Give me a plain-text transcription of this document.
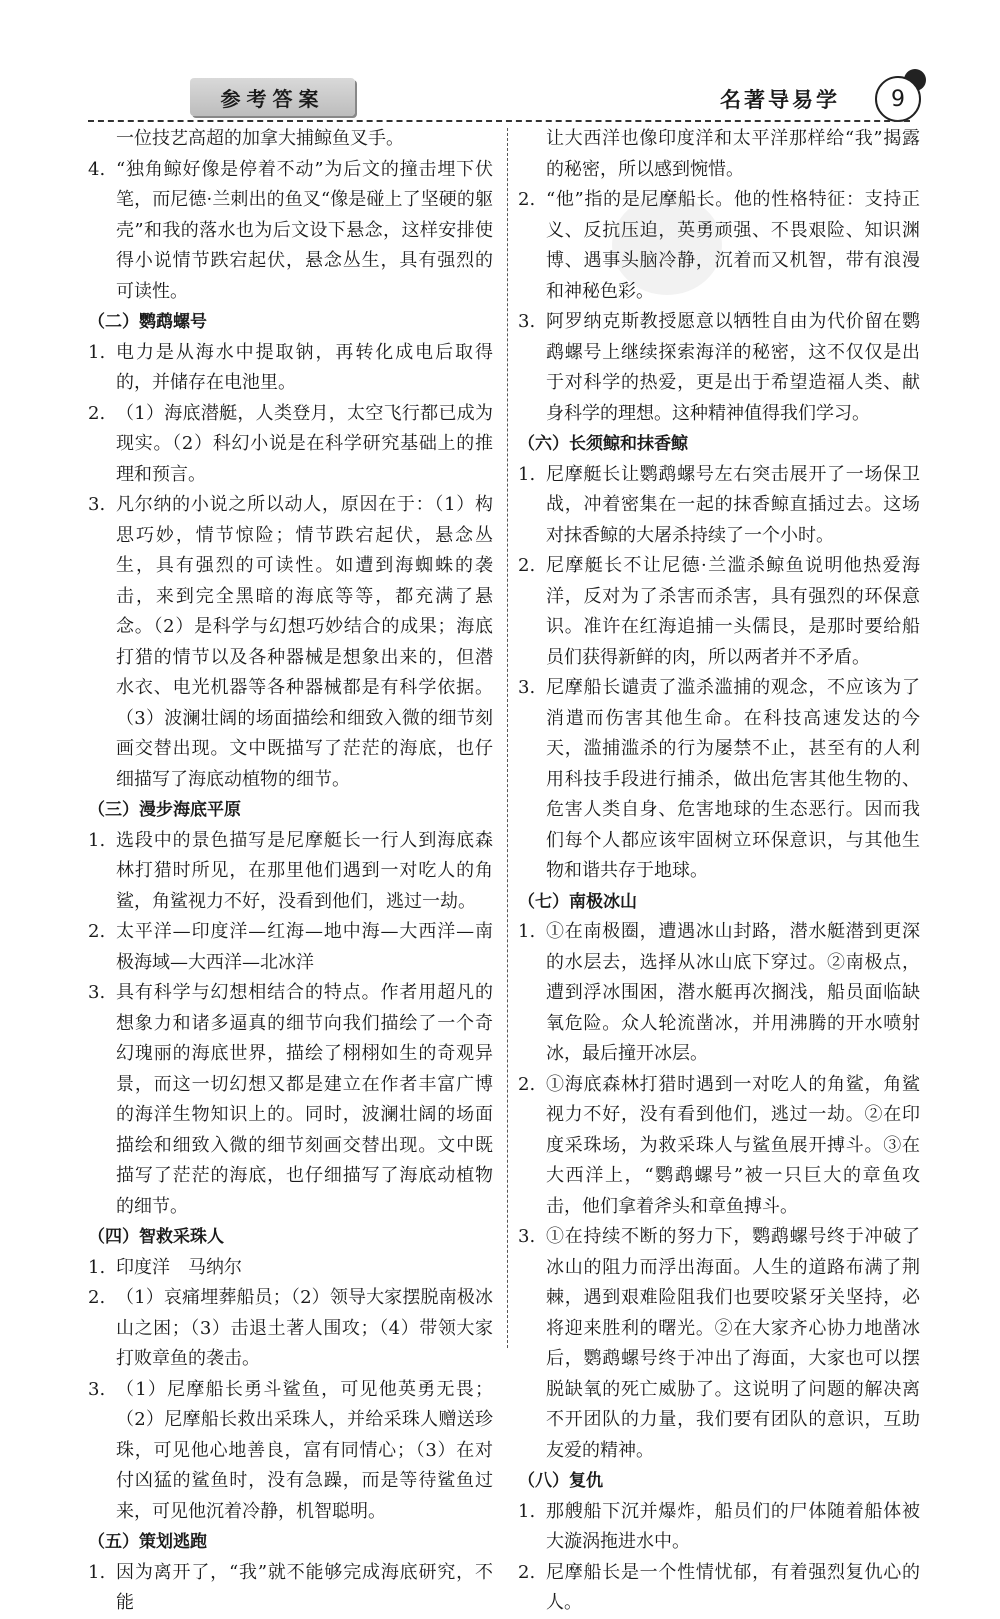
参考答案	名著导易学	9

一位技艺高超的加拿大捕鲸鱼叉手。

4. “独角鲸好像是停着不动”为后文的撞击埋下伏笔，而尼德·兰刺出的鱼叉“像是碰上了坚硬的躯壳”和我的落水也为后文设下悬念，这样安排使得小说情节跌宕起伏，悬念丛生，具有强烈的可读性。
（二）鹦鹉螺号
1. 电力是从海水中提取钠，再转化成电后取得的，并储存在电池里。
2. （1）海底潜艇，人类登月，太空飞行都已成为现实。（2）科幻小说是在科学研究基础上的推理和预言。
3. 凡尔纳的小说之所以动人，原因在于：（1）构思巧妙，情节惊险；情节跌宕起伏，悬念丛生，具有强烈的可读性。如遭到海蜘蛛的袭击，来到完全黑暗的海底等等，都充满了悬念。（2）是科学与幻想巧妙结合的成果；海底打猎的情节以及各种器械是想象出来的，但潜水衣、电光机器等各种器械都是有科学依据。（3）波澜壮阔的场面描绘和细致入微的细节刻画交替出现。文中既描写了茫茫的海底，也仔细描写了海底动植物的细节。
（三）漫步海底平原
1. 选段中的景色描写是尼摩艇长一行人到海底森林打猎时所见，在那里他们遇到一对吃人的角鲨，角鲨视力不好，没看到他们，逃过一劫。
2. 太平洋—印度洋—红海—地中海—大西洋—南极海域—大西洋—北冰洋
3. 具有科学与幻想相结合的特点。作者用超凡的想象力和诸多逼真的细节向我们描绘了一个奇幻瑰丽的海底世界，描绘了栩栩如生的奇观异景，而这一切幻想又都是建立在作者丰富广博的海洋生物知识上的。同时，波澜壮阔的场面描绘和细致入微的细节刻画交替出现。文中既描写了茫茫的海底，也仔细描写了海底动植物的细节。
（四）智救采珠人
1. 印度洋　马纳尔
2. （1）哀痛埋葬船员；（2）领导大家摆脱南极冰山之困；（3）击退土著人围攻；（4）带领大家打败章鱼的袭击。
3. （1）尼摩船长勇斗鲨鱼，可见他英勇无畏；（2）尼摩船长救出采珠人，并给采珠人赠送珍珠，可见他心地善良，富有同情心；（3）在对付凶猛的鲨鱼时，没有急躁，而是等待鲨鱼过来，可见他沉着冷静，机智聪明。
（五）策划逃跑
1. 因为离开了，“我”就不能够完成海底研究，不能

让大西洋也像印度洋和太平洋那样给“我”揭露的秘密，所以感到惋惜。

2. “他”指的是尼摩船长。他的性格特征：支持正义、反抗压迫，英勇顽强、不畏艰险、知识渊博、遇事头脑冷静，沉着而又机智，带有浪漫和神秘色彩。
3. 阿罗纳克斯教授愿意以牺牲自由为代价留在鹦鹉螺号上继续探索海洋的秘密，这不仅仅是出于对科学的热爱，更是出于希望造福人类、献身科学的理想。这种精神值得我们学习。
（六）长须鲸和抹香鲸
1. 尼摩艇长让鹦鹉螺号左右突击展开了一场保卫战，冲着密集在一起的抹香鲸直插过去。这场对抹香鲸的大屠杀持续了一个小时。
2. 尼摩艇长不让尼德·兰滥杀鲸鱼说明他热爱海洋，反对为了杀害而杀害，具有强烈的环保意识。准许在红海追捕一头儒艮，是那时要给船员们获得新鲜的肉，所以两者并不矛盾。
3. 尼摩船长谴责了滥杀滥捕的观念，不应该为了消遣而伤害其他生命。在科技高速发达的今天，滥捕滥杀的行为屡禁不止，甚至有的人利用科技手段进行捕杀，做出危害其他生物的、危害人类自身、危害地球的生态恶行。因而我们每个人都应该牢固树立环保意识，与其他生物和谐共存于地球。
（七）南极冰山
1. ①在南极圈，遭遇冰山封路，潜水艇潜到更深的水层去，选择从冰山底下穿过。②南极点，遭到浮冰围困，潜水艇再次搁浅，船员面临缺氧危险。众人轮流凿冰，并用沸腾的开水喷射冰，最后撞开冰层。
2. ①海底森林打猎时遇到一对吃人的角鲨，角鲨视力不好，没有看到他们，逃过一劫。②在印度采珠场，为救采珠人与鲨鱼展开搏斗。③在大西洋上，“鹦鹉螺号”被一只巨大的章鱼攻击，他们拿着斧头和章鱼搏斗。
3. ①在持续不断的努力下，鹦鹉螺号终于冲破了冰山的阻力而浮出海面。人生的道路布满了荆棘，遇到艰难险阻我们也要咬紧牙关坚持，必将迎来胜利的曙光。②在大家齐心协力地凿冰后，鹦鹉螺号终于冲出了海面，大家也可以摆脱缺氧的死亡威胁了。这说明了问题的解决离不开团队的力量，我们要有团队的意识，互助友爱的精神。
（八）复仇
1. 那艘船下沉并爆炸，船员们的尸体随着船体被大漩涡拖进水中。
2. 尼摩船长是一个性情忧郁，有着强烈复仇心的人。
